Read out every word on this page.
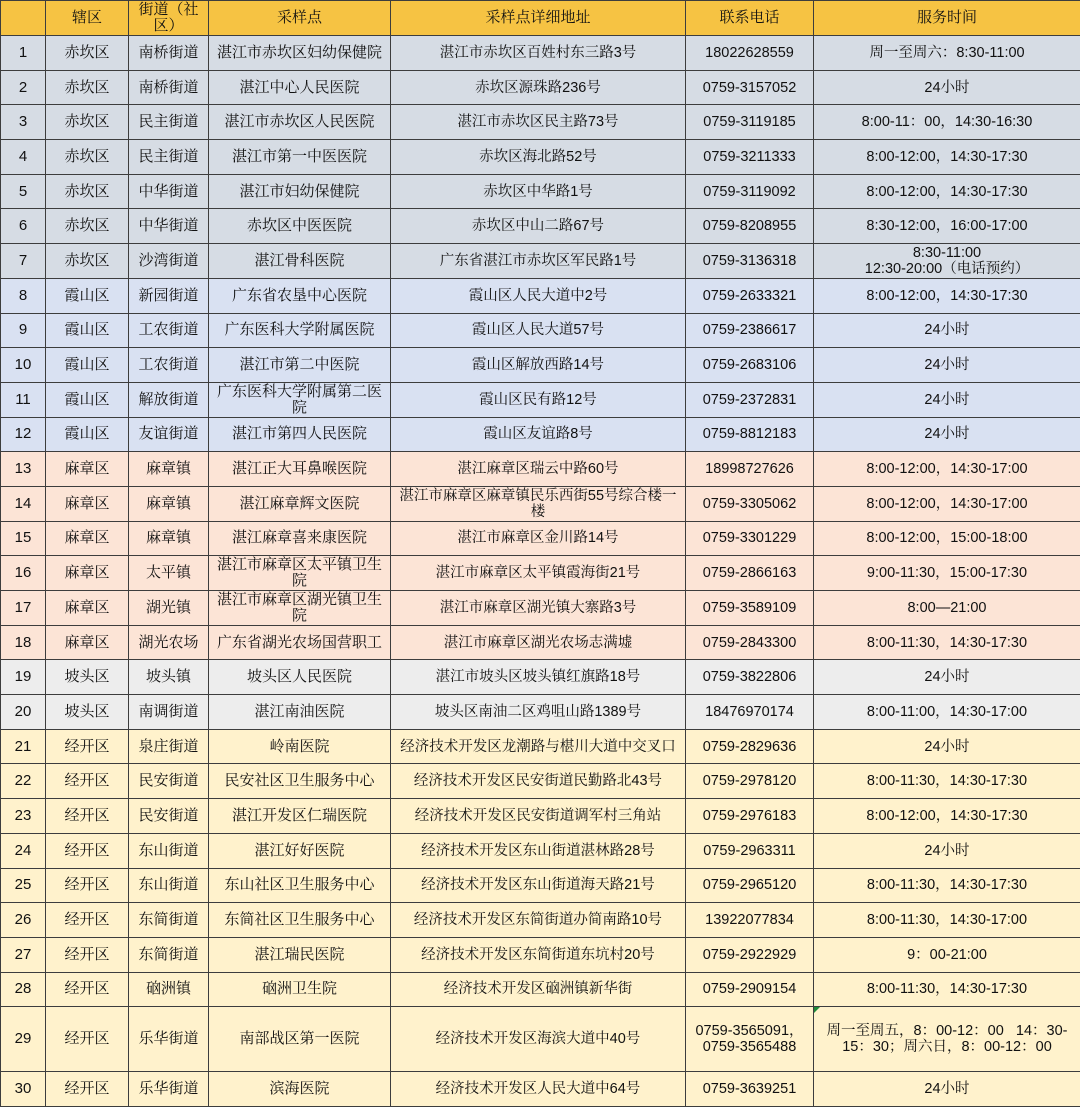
	辖区	街道（社区）	采样点	采样点详细地址	联系电话	服务时间
1	赤坎区	南桥街道	湛江市赤坎区妇幼保健院	湛江市赤坎区百姓村东三路3号	18022628559	周一至周六：8:30-11:00
2	赤坎区	南桥街道	湛江中心人民医院	赤坎区源珠路236号	0759-3157052	24小时
3	赤坎区	民主街道	湛江市赤坎区人民医院	湛江市赤坎区民主路73号	0759-3119185	8:00-11：00，14:30-16:30
4	赤坎区	民主街道	湛江市第一中医医院	赤坎区海北路52号	0759-3211333	8:00-12:00，14:30-17:30
5	赤坎区	中华街道	湛江市妇幼保健院	赤坎区中华路1号	0759-3119092	8:00-12:00，14:30-17:30
6	赤坎区	中华街道	赤坎区中医医院	赤坎区中山二路67号	0759-8208955	8:30-12:00，16:00-17:00
7	赤坎区	沙湾街道	湛江骨科医院	广东省湛江市赤坎区军民路1号	0759-3136318	8:30-11:00
12:30-20:00（电话预约）
8	霞山区	新园街道	广东省农垦中心医院	霞山区人民大道中2号	0759-2633321	8:00-12:00，14:30-17:30
9	霞山区	工农街道	广东医科大学附属医院	霞山区人民大道57号	0759-2386617	24小时
10	霞山区	工农街道	湛江市第二中医院	霞山区解放西路14号	0759-2683106	24小时
11	霞山区	解放街道	广东医科大学附属第二医院	霞山区民有路12号	0759-2372831	24小时
12	霞山区	友谊街道	湛江市第四人民医院	霞山区友谊路8号	0759-8812183	24小时
13	麻章区	麻章镇	湛江正大耳鼻喉医院	湛江麻章区瑞云中路60号	18998727626	8:00-12:00，14:30-17:00
14	麻章区	麻章镇	湛江麻章辉文医院	湛江市麻章区麻章镇民乐西街55号综合楼一楼	0759-3305062	8:00-12:00，14:30-17:00
15	麻章区	麻章镇	湛江麻章喜来康医院	湛江市麻章区金川路14号	0759-3301229	8:00-12:00，15:00-18:00
16	麻章区	太平镇	湛江市麻章区太平镇卫生院	湛江市麻章区太平镇霞海街21号	0759-2866163	9:00-11:30，15:00-17:30
17	麻章区	湖光镇	湛江市麻章区湖光镇卫生院	湛江市麻章区湖光镇大寨路3号	0759-3589109	8:00—21:00
18	麻章区	湖光农场	广东省湖光农场国营职工	湛江市麻章区湖光农场志满墟	0759-2843300	8:00-11:30，14:30-17:30
19	坡头区	坡头镇	坡头区人民医院	湛江市坡头区坡头镇红旗路18号	0759-3822806	24小时
20	坡头区	南调街道	湛江南油医院	坡头区南油二区鸡咀山路1389号	18476970174	8:00-11:00，14:30-17:00
21	经开区	泉庄街道	岭南医院	经济技术开发区龙潮路与椹川大道中交叉口	0759-2829636	24小时
22	经开区	民安街道	民安社区卫生服务中心	经济技术开发区民安街道民勤路北43号	0759-2978120	8:00-11:30，14:30-17:30
23	经开区	民安街道	湛江开发区仁瑞医院	经济技术开发区民安街道调军村三角站	0759-2976183	8:00-12:00，14:30-17:30
24	经开区	东山街道	湛江好好医院	经济技术开发区东山街道湛林路28号	0759-2963311	24小时
25	经开区	东山街道	东山社区卫生服务中心	经济技术开发区东山街道海天路21号	0759-2965120	8:00-11:30，14:30-17:30
26	经开区	东简街道	东简社区卫生服务中心	经济技术开发区东简街道办简南路10号	13922077834	8:00-11:30，14:30-17:00
27	经开区	东简街道	湛江瑞民医院	经济技术开发区东简街道东坑村20号	0759-2922929	9：00-21:00
28	经开区	硇洲镇	硇洲卫生院	经济技术开发区硇洲镇新华街	0759-2909154	8:00-11:30，14:30-17:30
29	经开区	乐华街道	南部战区第一医院	经济技术开发区海滨大道中40号	0759-3565091，0759-3565488	周一至周五，8：00-12：00   14：30-15：30；周六日，8：00-12：00
30	经开区	乐华街道	滨海医院	经济技术开发区人民大道中64号	0759-3639251	24小时
